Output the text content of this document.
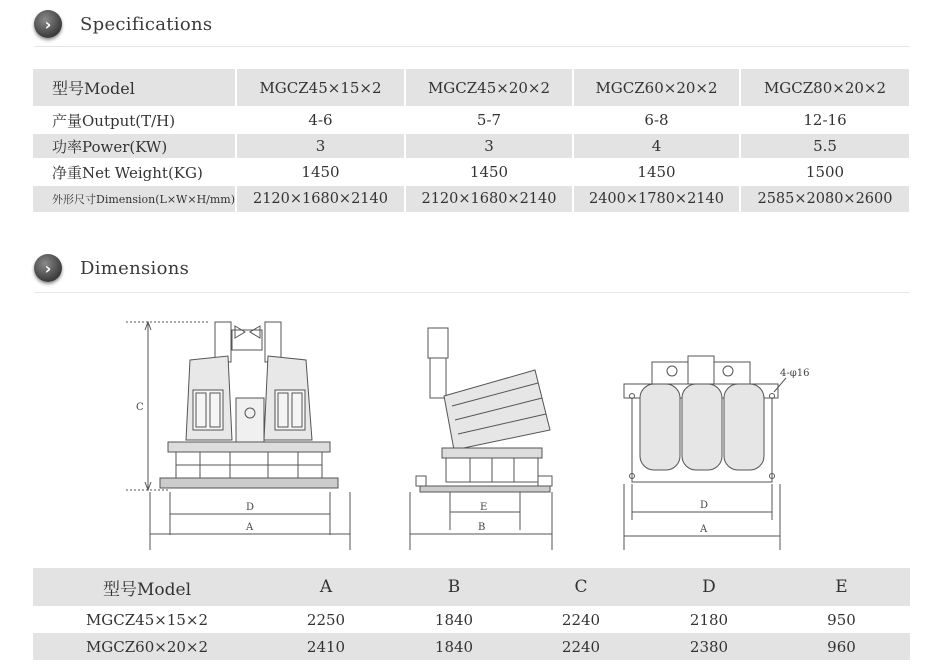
›	Specifications
型号Model	MGCZ45×15×2	MGCZ45×20×2	MGCZ60×20×2	MGCZ80×20×2
产量Output(T/H)	4-6	5-7	6-8	12-16
功率Power(KW)	3	3	4	5.5
净重Net Weight(KG)	1450	1450	1450	1500
外形尺寸Dimension(L×W×H/mm)	2120×1680×2140	2120×1680×2140	2400×1780×2140	2585×2080×2600
›	Dimensions
C
D
A
E
B
D
A
4-φ16
型号Model	A	B	C	D	E
MGCZ45×15×2	2250	1840	2240	2180	950
MGCZ60×20×2	2410	1840	2240	2380	960
